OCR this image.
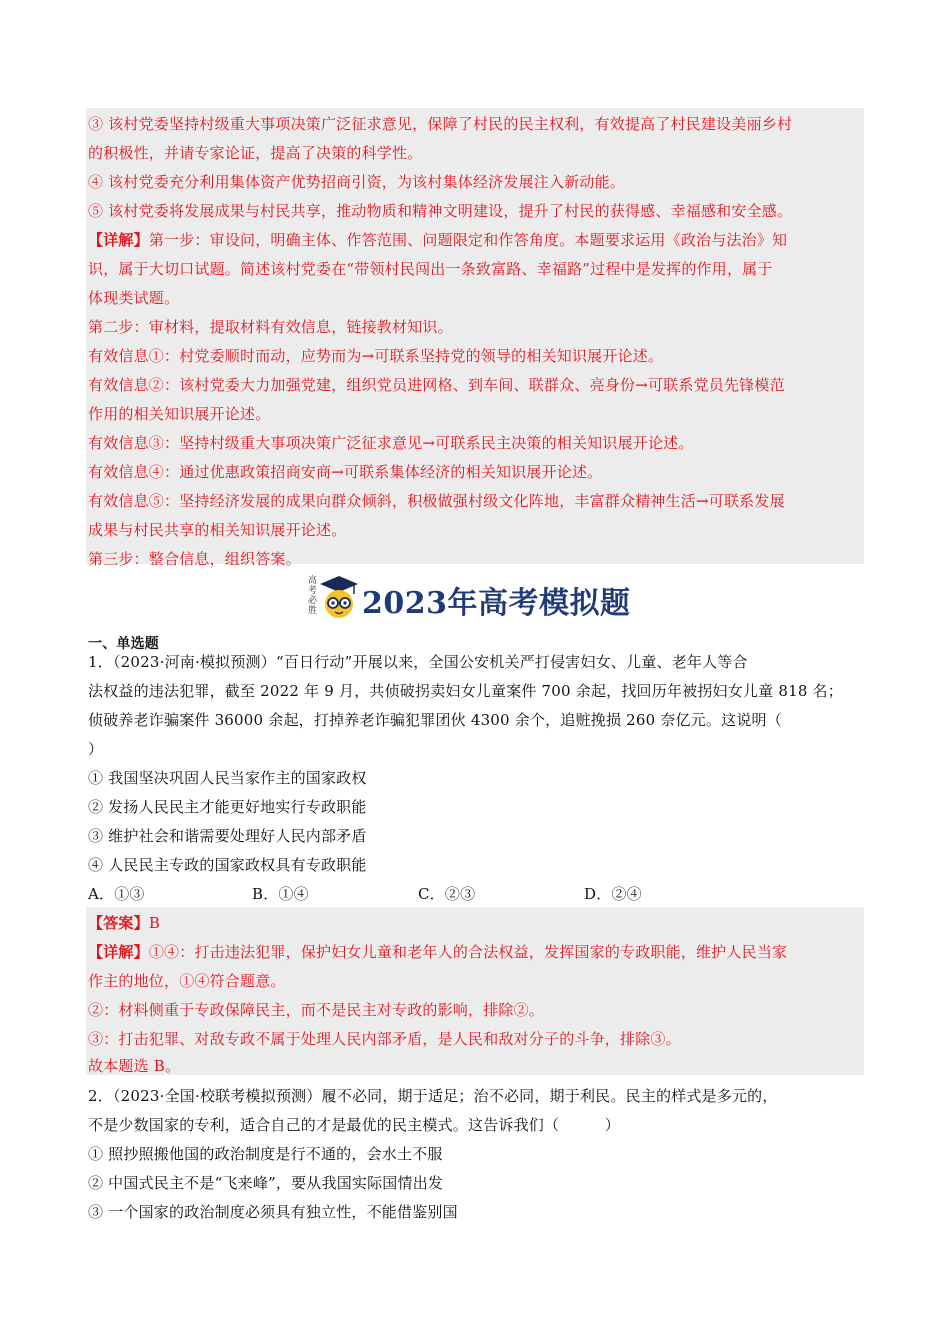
③ 该村党委坚持村级重大事项决策广泛征求意见，保障了村民的民主权利，有效提高了村民建设美丽乡村
的积极性，并请专家论证，提高了决策的科学性。
④ 该村党委充分利用集体资产优势招商引资，为该村集体经济发展注入新动能。
⑤ 该村党委将发展成果与村民共享，推动物质和精神文明建设，提升了村民的获得感、幸福感和安全感。
【详解】第一步：审设问，明确主体、作答范围、问题限定和作答角度。本题要求运用《政治与法治》知
识，属于大切口试题。简述该村党委在“带领村民闯出一条致富路、幸福路”过程中是发挥的作用，属于
体现类试题。
第二步：审材料，提取材料有效信息，链接教材知识。
有效信息①：村党委顺时而动，应势而为→可联系坚持党的领导的相关知识展开论述。
有效信息②：该村党委大力加强党建，组织党员进网格、到车间、联群众、亮身份→可联系党员先锋模范
作用的相关知识展开论述。
有效信息③：坚持村级重大事项决策广泛征求意见→可联系民主决策的相关知识展开论述。
有效信息④：通过优惠政策招商安商→可联系集体经济的相关知识展开论述。
有效信息⑤：坚持经济发展的成果向群众倾斜，积极做强村级文化阵地，丰富群众精神生活→可联系发展
成果与村民共享的相关知识展开论述。
第三步：整合信息，组织答案。
高考必胜 2023年高考模拟题
一、单选题
1．（2023·河南·模拟预测）“百日行动”开展以来，全国公安机关严打侵害妇女、儿童、老年人等合
法权益的违法犯罪，截至 2022 年 9 月，共侦破拐卖妇女儿童案件 700 余起，找回历年被拐妇女儿童 818 名；
侦破养老诈骗案件 36000 余起，打掉养老诈骗犯罪团伙 4300 余个，追赃挽损 260 奈亿元。这说明（
）
① 我国坚决巩固人民当家作主的国家政权
② 发扬人民民主才能更好地实行专政职能
③ 维护社会和谐需要处理好人民内部矛盾
④ 人民民主专政的国家政权具有专政职能
A．①③	B．①④	C．②③	D．②④
【答案】B
【详解】①④：打击违法犯罪，保护妇女儿童和老年人的合法权益，发挥国家的专政职能，维护人民当家
作主的地位，①④符合题意。
②：材料侧重于专政保障民主，而不是民主对专政的影响，排除②。
③：打击犯罪、对敌专政不属于处理人民内部矛盾，是人民和敌对分子的斗争，排除③。
故本题选 B。
2．（2023·全国·校联考模拟预测）履不必同，期于适足；治不必同，期于利民。民主的样式是多元的，
不是少数国家的专利，适合自己的才是最优的民主模式。这告诉我们（　　　）
① 照抄照搬他国的政治制度是行不通的，会水土不服
② 中国式民主不是“飞来峰”，要从我国实际国情出发
③ 一个国家的政治制度必须具有独立性，不能借鉴别国
